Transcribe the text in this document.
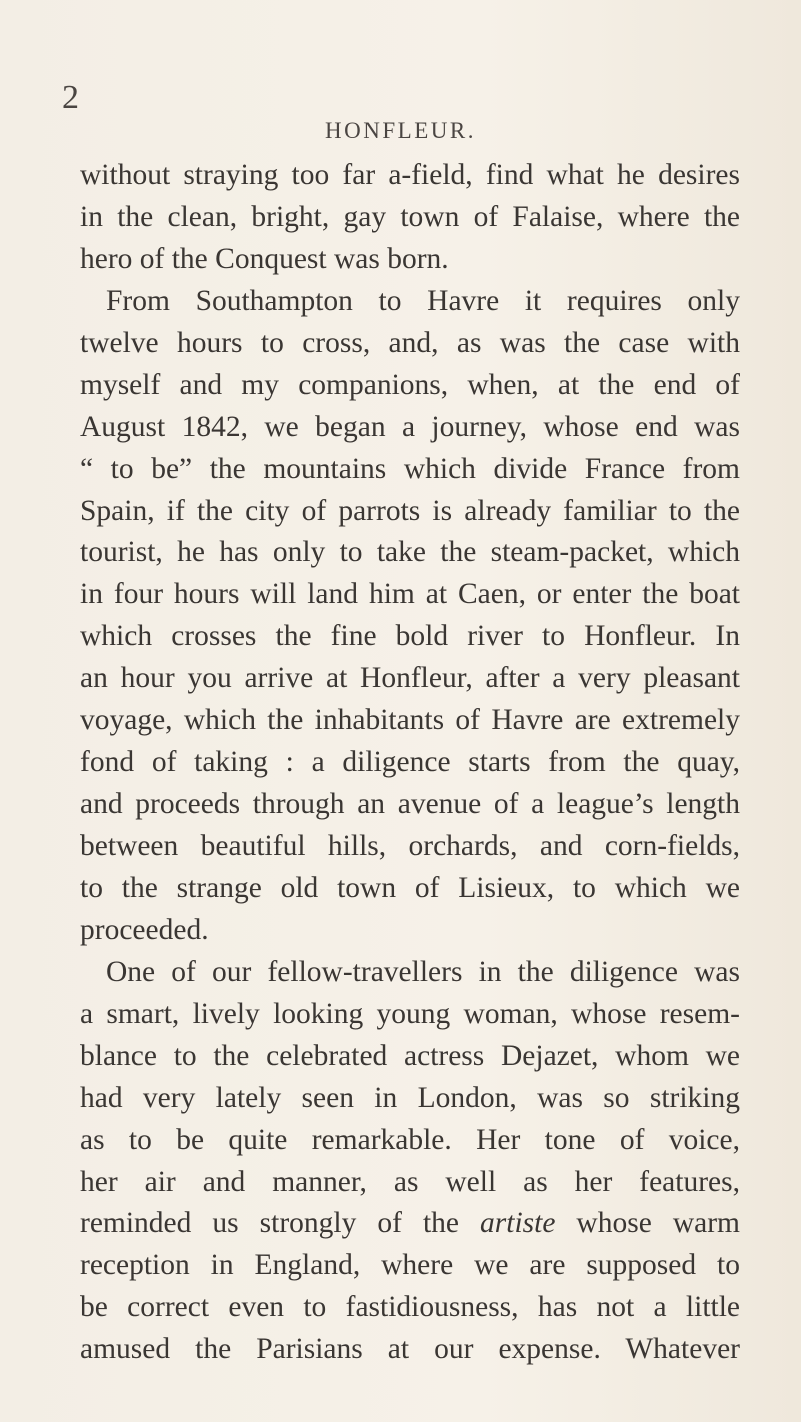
2
HONFLEUR.
without straying too far a-field, find what he desires
in the clean, bright, gay town of Falaise, where the
hero of the Conquest was born.
From Southampton to Havre it requires only
twelve hours to cross, and, as was the case with
myself and my companions, when, at the end of
August 1842, we began a journey, whose end was
“ to be” the mountains which divide France from
Spain, if the city of parrots is already familiar to the
tourist, he has only to take the steam-packet, which
in four hours will land him at Caen, or enter the boat
which crosses the fine bold river to Honfleur. In
an hour you arrive at Honfleur, after a very pleasant
voyage, which the inhabitants of Havre are extremely
fond of taking : a diligence starts from the quay,
and proceeds through an avenue of a league’s length
between beautiful hills, orchards, and corn-fields,
to the strange old town of Lisieux, to which we
proceeded.
One of our fellow-travellers in the diligence was
a smart, lively looking young woman, whose resem-
blance to the celebrated actress Dejazet, whom we
had very lately seen in London, was so striking
as to be quite remarkable. Her tone of voice,
her air and manner, as well as her features,
reminded us strongly of the artiste whose warm
reception in England, where we are supposed to
be correct even to fastidiousness, has not a little
amused the Parisians at our expense. Whatever
